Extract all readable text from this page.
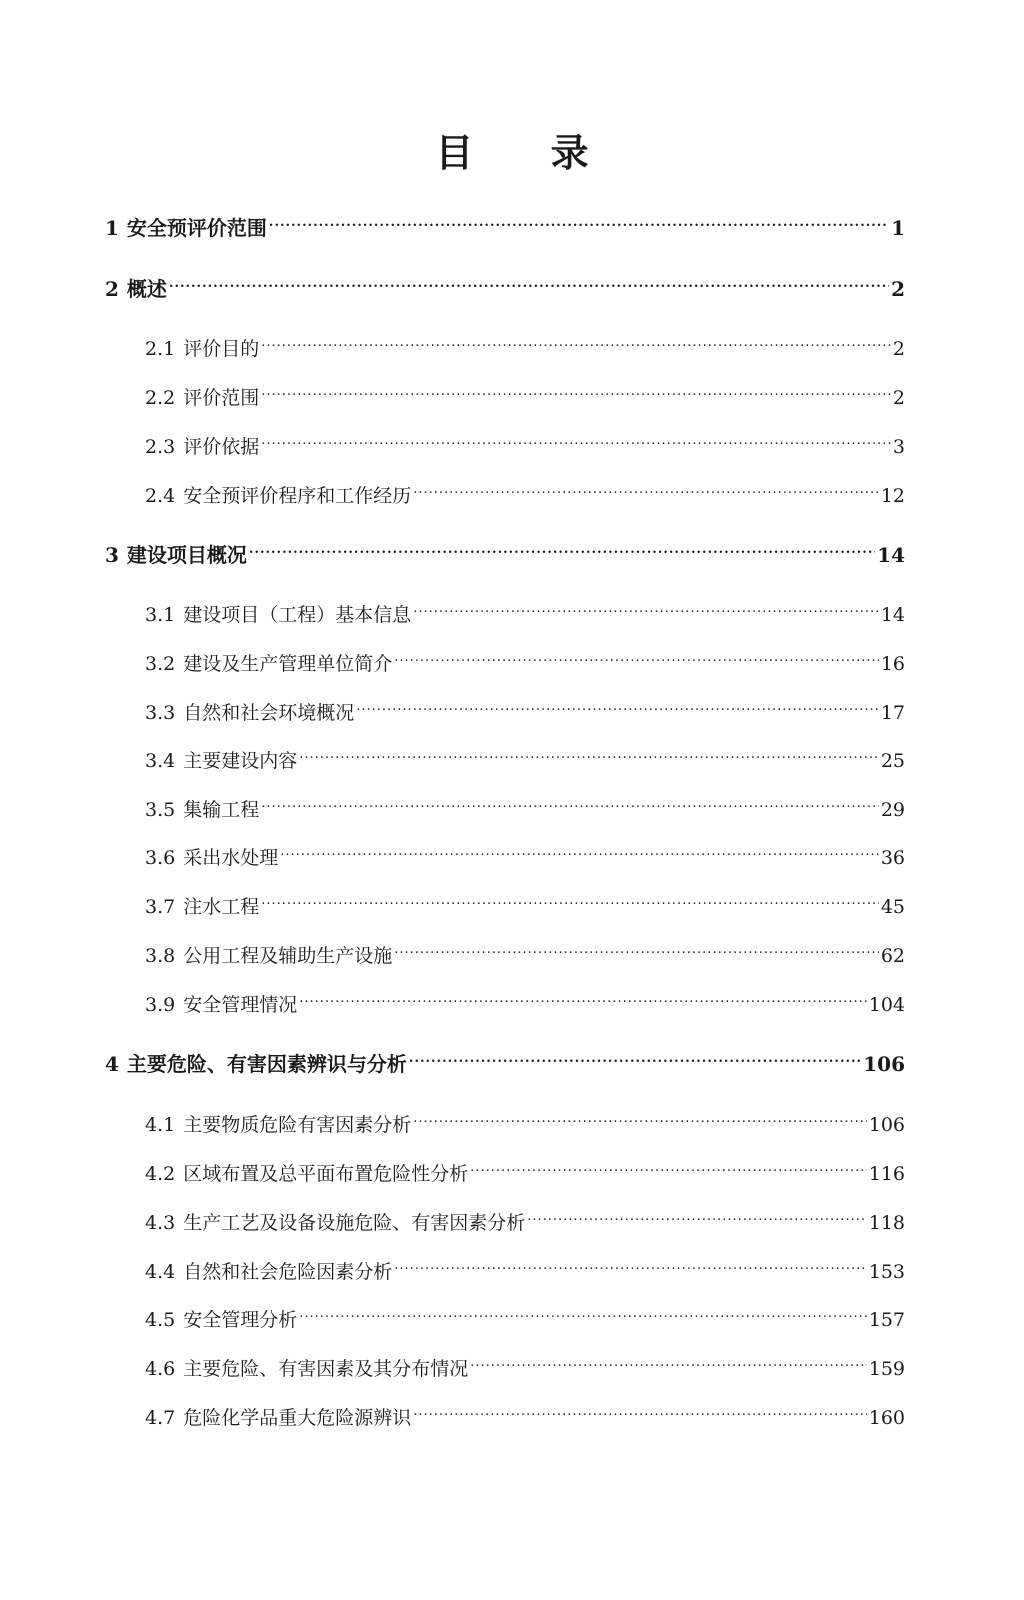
目 录
1 安全预评价范围 .....	1
2 概述 .....	2
2.1 评价目的 .....	2
2.2 评价范围 .....	2
2.3 评价依据 .....	3
2.4 安全预评价程序和工作经历 .....	12
3 建设项目概况 .....	14
3.1 建设项目（工程）基本信息 .....	14
3.2 建设及生产管理单位简介 .....	16
3.3 自然和社会环境概况 .....	17
3.4 主要建设内容 .....	25
3.5 集输工程 .....	29
3.6 采出水处理 .....	36
3.7 注水工程 .....	45
3.8 公用工程及辅助生产设施 .....	62
3.9 安全管理情况 .....	104
4 主要危险、有害因素辨识与分析 .....	106
4.1 主要物质危险有害因素分析 .....	106
4.2 区域布置及总平面布置危险性分析 .....	116
4.3 生产工艺及设备设施危险、有害因素分析 .....	118
4.4 自然和社会危险因素分析 .....	153
4.5 安全管理分析 .....	157
4.6 主要危险、有害因素及其分布情况 .....	159
4.7 危险化学品重大危险源辨识 .....	160
